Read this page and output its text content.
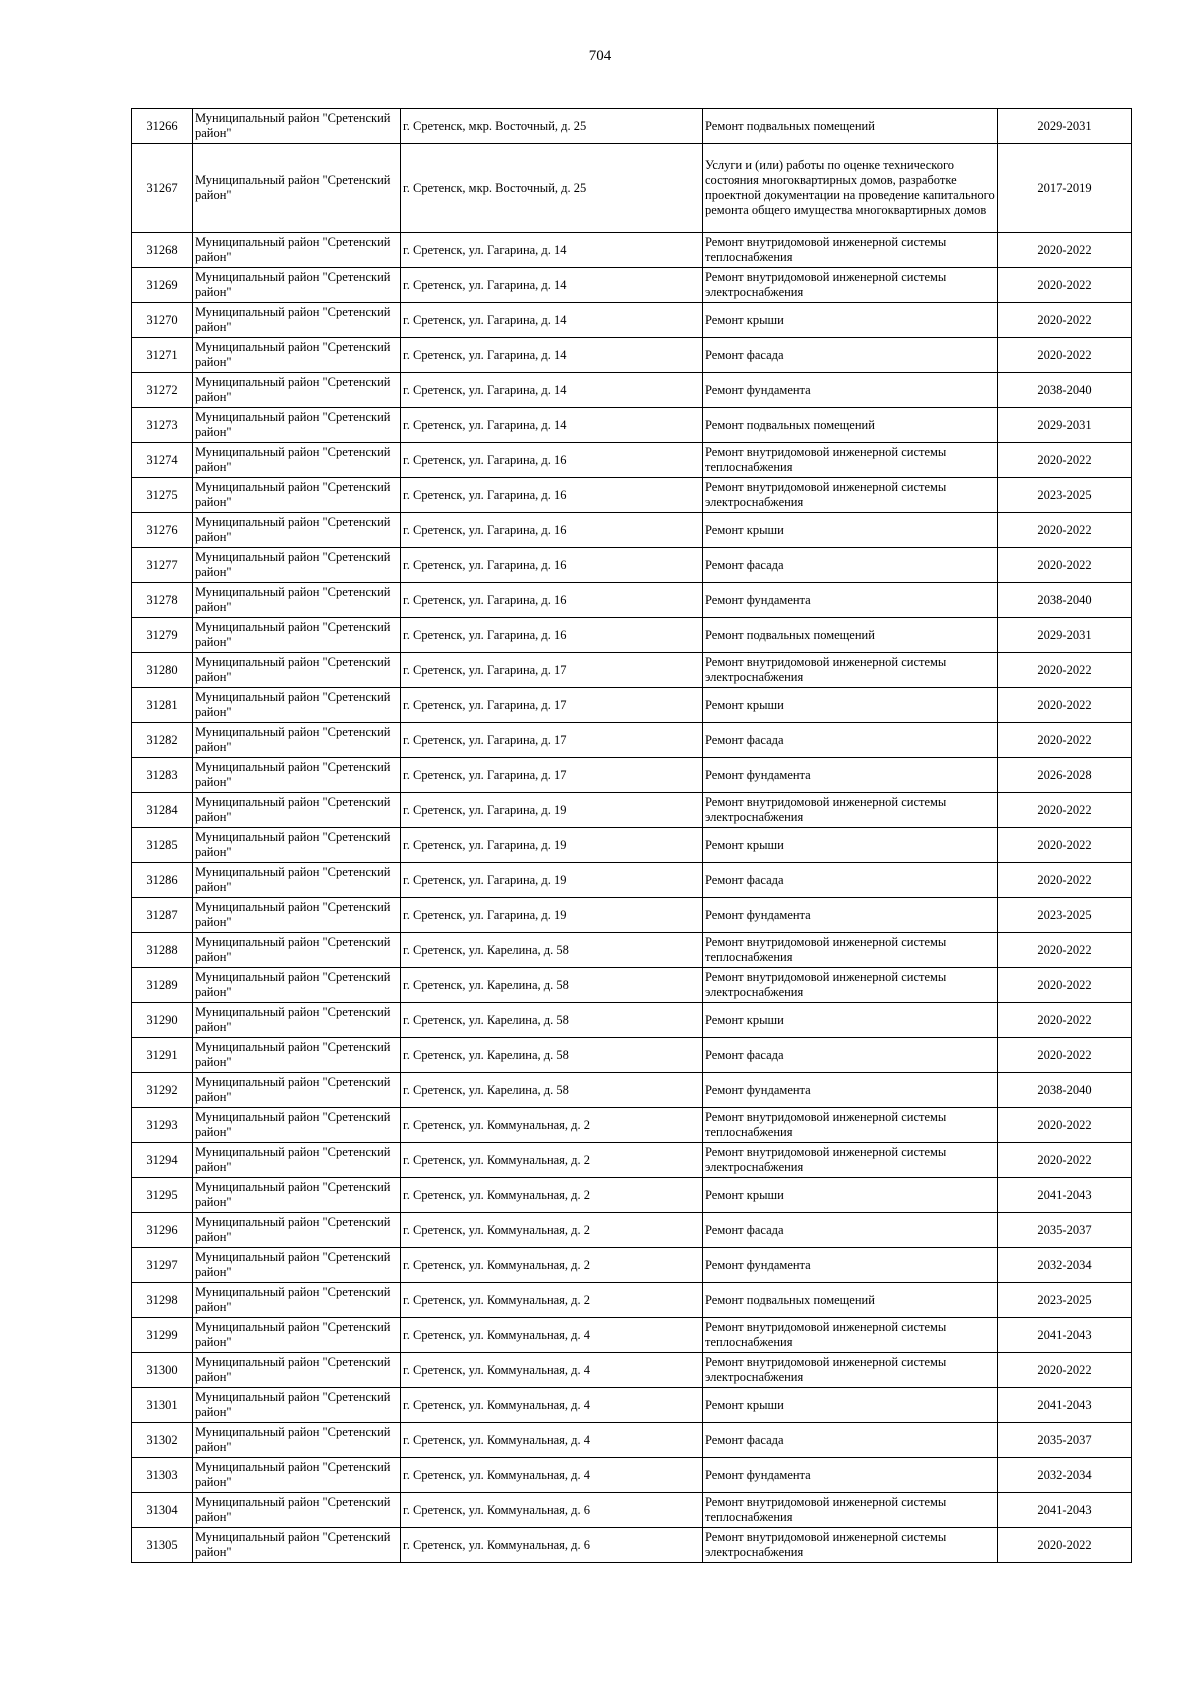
704
31266	Муниципальный район "Сретенский район"	г. Сретенск, мкр. Восточный, д. 25	Ремонт подвальных помещений	2029-2031
31267	Муниципальный район "Сретенский район"	г. Сретенск, мкр. Восточный, д. 25	Услуги и (или) работы по оценке технического состояния многоквартирных домов, разработке проектной документации на проведение капитального ремонта общего имущества многоквартирных домов	2017-2019
31268	Муниципальный район "Сретенский район"	г. Сретенск, ул. Гагарина, д. 14	Ремонт внутридомовой инженерной системы теплоснабжения	2020-2022
31269	Муниципальный район "Сретенский район"	г. Сретенск, ул. Гагарина, д. 14	Ремонт внутридомовой инженерной системы электроснабжения	2020-2022
31270	Муниципальный район "Сретенский район"	г. Сретенск, ул. Гагарина, д. 14	Ремонт крыши	2020-2022
31271	Муниципальный район "Сретенский район"	г. Сретенск, ул. Гагарина, д. 14	Ремонт фасада	2020-2022
31272	Муниципальный район "Сретенский район"	г. Сретенск, ул. Гагарина, д. 14	Ремонт фундамента	2038-2040
31273	Муниципальный район "Сретенский район"	г. Сретенск, ул. Гагарина, д. 14	Ремонт подвальных помещений	2029-2031
31274	Муниципальный район "Сретенский район"	г. Сретенск, ул. Гагарина, д. 16	Ремонт внутридомовой инженерной системы теплоснабжения	2020-2022
31275	Муниципальный район "Сретенский район"	г. Сретенск, ул. Гагарина, д. 16	Ремонт внутридомовой инженерной системы электроснабжения	2023-2025
31276	Муниципальный район "Сретенский район"	г. Сретенск, ул. Гагарина, д. 16	Ремонт крыши	2020-2022
31277	Муниципальный район "Сретенский район"	г. Сретенск, ул. Гагарина, д. 16	Ремонт фасада	2020-2022
31278	Муниципальный район "Сретенский район"	г. Сретенск, ул. Гагарина, д. 16	Ремонт фундамента	2038-2040
31279	Муниципальный район "Сретенский район"	г. Сретенск, ул. Гагарина, д. 16	Ремонт подвальных помещений	2029-2031
31280	Муниципальный район "Сретенский район"	г. Сретенск, ул. Гагарина, д. 17	Ремонт внутридомовой инженерной системы электроснабжения	2020-2022
31281	Муниципальный район "Сретенский район"	г. Сретенск, ул. Гагарина, д. 17	Ремонт крыши	2020-2022
31282	Муниципальный район "Сретенский район"	г. Сретенск, ул. Гагарина, д. 17	Ремонт фасада	2020-2022
31283	Муниципальный район "Сретенский район"	г. Сретенск, ул. Гагарина, д. 17	Ремонт фундамента	2026-2028
31284	Муниципальный район "Сретенский район"	г. Сретенск, ул. Гагарина, д. 19	Ремонт внутридомовой инженерной системы электроснабжения	2020-2022
31285	Муниципальный район "Сретенский район"	г. Сретенск, ул. Гагарина, д. 19	Ремонт крыши	2020-2022
31286	Муниципальный район "Сретенский район"	г. Сретенск, ул. Гагарина, д. 19	Ремонт фасада	2020-2022
31287	Муниципальный район "Сретенский район"	г. Сретенск, ул. Гагарина, д. 19	Ремонт фундамента	2023-2025
31288	Муниципальный район "Сретенский район"	г. Сретенск, ул. Карелина, д. 58	Ремонт внутридомовой инженерной системы теплоснабжения	2020-2022
31289	Муниципальный район "Сретенский район"	г. Сретенск, ул. Карелина, д. 58	Ремонт внутридомовой инженерной системы электроснабжения	2020-2022
31290	Муниципальный район "Сретенский район"	г. Сретенск, ул. Карелина, д. 58	Ремонт крыши	2020-2022
31291	Муниципальный район "Сретенский район"	г. Сретенск, ул. Карелина, д. 58	Ремонт фасада	2020-2022
31292	Муниципальный район "Сретенский район"	г. Сретенск, ул. Карелина, д. 58	Ремонт фундамента	2038-2040
31293	Муниципальный район "Сретенский район"	г. Сретенск, ул. Коммунальная, д. 2	Ремонт внутридомовой инженерной системы теплоснабжения	2020-2022
31294	Муниципальный район "Сретенский район"	г. Сретенск, ул. Коммунальная, д. 2	Ремонт внутридомовой инженерной системы электроснабжения	2020-2022
31295	Муниципальный район "Сретенский район"	г. Сретенск, ул. Коммунальная, д. 2	Ремонт крыши	2041-2043
31296	Муниципальный район "Сретенский район"	г. Сретенск, ул. Коммунальная, д. 2	Ремонт фасада	2035-2037
31297	Муниципальный район "Сретенский район"	г. Сретенск, ул. Коммунальная, д. 2	Ремонт фундамента	2032-2034
31298	Муниципальный район "Сретенский район"	г. Сретенск, ул. Коммунальная, д. 2	Ремонт подвальных помещений	2023-2025
31299	Муниципальный район "Сретенский район"	г. Сретенск, ул. Коммунальная, д. 4	Ремонт внутридомовой инженерной системы теплоснабжения	2041-2043
31300	Муниципальный район "Сретенский район"	г. Сретенск, ул. Коммунальная, д. 4	Ремонт внутридомовой инженерной системы электроснабжения	2020-2022
31301	Муниципальный район "Сретенский район"	г. Сретенск, ул. Коммунальная, д. 4	Ремонт крыши	2041-2043
31302	Муниципальный район "Сретенский район"	г. Сретенск, ул. Коммунальная, д. 4	Ремонт фасада	2035-2037
31303	Муниципальный район "Сретенский район"	г. Сретенск, ул. Коммунальная, д. 4	Ремонт фундамента	2032-2034
31304	Муниципальный район "Сретенский район"	г. Сретенск, ул. Коммунальная, д. 6	Ремонт внутридомовой инженерной системы теплоснабжения	2041-2043
31305	Муниципальный район "Сретенский район"	г. Сретенск, ул. Коммунальная, д. 6	Ремонт внутридомовой инженерной системы электроснабжения	2020-2022
